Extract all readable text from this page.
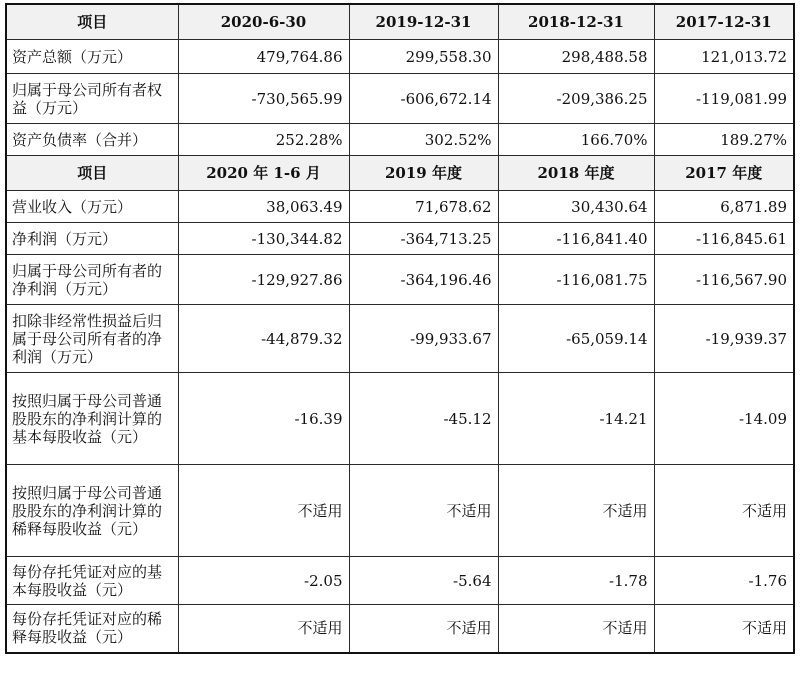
项目	2020-6-30	2019-12-31	2018-12-31	2017-12-31
资产总额（万元）	479,764.86	299,558.30	298,488.58	121,013.72
归属于母公司所有者权益（万元）	-730,565.99	-606,672.14	-209,386.25	-119,081.99
资产负债率（合并）	252.28%	302.52%	166.70%	189.27%
项目	2020 年 1-6 月	2019 年度	2018 年度	2017 年度
营业收入（万元）	38,063.49	71,678.62	30,430.64	6,871.89
净利润（万元）	-130,344.82	-364,713.25	-116,841.40	-116,845.61
归属于母公司所有者的净利润（万元）	-129,927.86	-364,196.46	-116,081.75	-116,567.90
扣除非经常性损益后归属于母公司所有者的净利润（万元）	-44,879.32	-99,933.67	-65,059.14	-19,939.37
按照归属于母公司普通股股东的净利润计算的基本每股收益（元）	-16.39	-45.12	-14.21	-14.09
按照归属于母公司普通股股东的净利润计算的稀释每股收益（元）	不适用	不适用	不适用	不适用
每份存托凭证对应的基本每股收益（元）	-2.05	-5.64	-1.78	-1.76
每份存托凭证对应的稀释每股收益（元）	不适用	不适用	不适用	不适用
